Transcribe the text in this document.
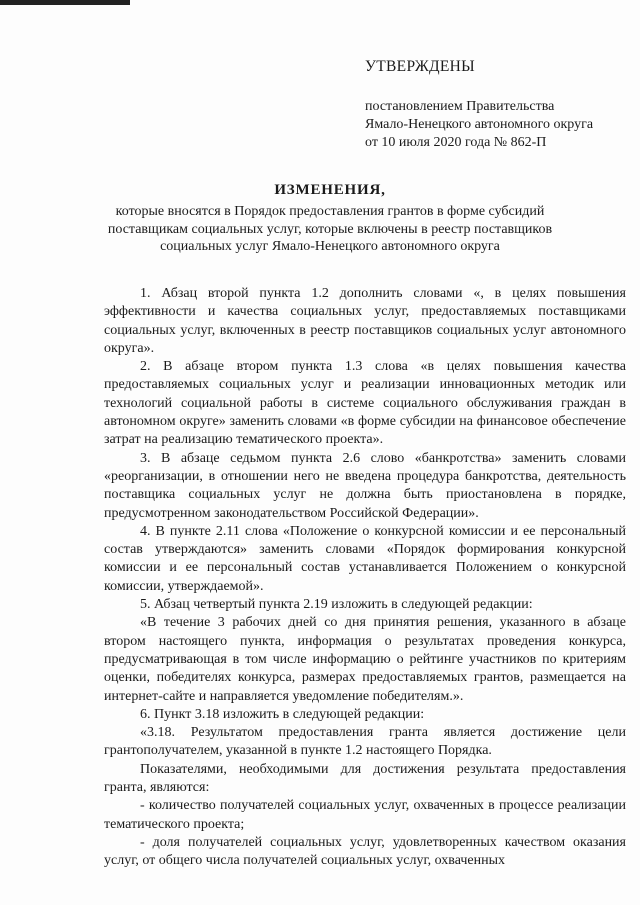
УТВЕРЖДЕНЫ
постановлением Правительства
Ямало-Ненецкого автономного округа
от 10 июля 2020 года № 862-П
ИЗМЕНЕНИЯ,
которые вносятся в Порядок предоставления грантов в форме субсидий
поставщикам социальных услуг, которые включены в реестр поставщиков
социальных услуг Ямало-Ненецкого автономного округа

1. Абзац второй пункта 1.2 дополнить словами «, в целях повышения эффективности и качества социальных услуг, предоставляемых поставщиками социальных услуг, включенных в реестр поставщиков социальных услуг автономного округа».

2. В абзаце втором пункта 1.3 слова «в целях повышения качества предоставляемых социальных услуг и реализации инновационных методик или технологий социальной работы в системе социального обслуживания граждан в автономном округе» заменить словами «в форме субсидии на финансовое обеспечение затрат на реализацию тематического проекта».

3. В абзаце седьмом пункта 2.6 слово «банкротства» заменить словами «реорганизации, в отношении него не введена процедура банкротства, деятельность поставщика социальных услуг не должна быть приостановлена в порядке, предусмотренном законодательством Российской Федерации».

4. В пункте 2.11 слова «Положение о конкурсной комиссии и ее персональный состав утверждаются» заменить словами «Порядок формирования конкурсной комиссии и ее персональный состав устанавливается Положением о конкурсной комиссии, утверждаемой».

5. Абзац четвертый пункта 2.19 изложить в следующей редакции:

«В течение 3 рабочих дней со дня принятия решения, указанного в абзаце втором настоящего пункта, информация о результатах проведения конкурса, предусматривающая в том числе информацию о рейтинге участников по критериям оценки, победителях конкурса, размерах предоставляемых грантов, размещается на интернет-сайте и направляется уведомление победителям.».

6. Пункт 3.18 изложить в следующей редакции:

«3.18. Результатом предоставления гранта является достижение цели грантополучателем, указанной в пункте 1.2 настоящего Порядка.

Показателями, необходимыми для достижения результата предоставления гранта, являются:

- количество получателей социальных услуг, охваченных в процессе реализации тематического проекта;

- доля получателей социальных услуг, удовлетворенных качеством оказания услуг, от общего числа получателей социальных услуг, охваченных
